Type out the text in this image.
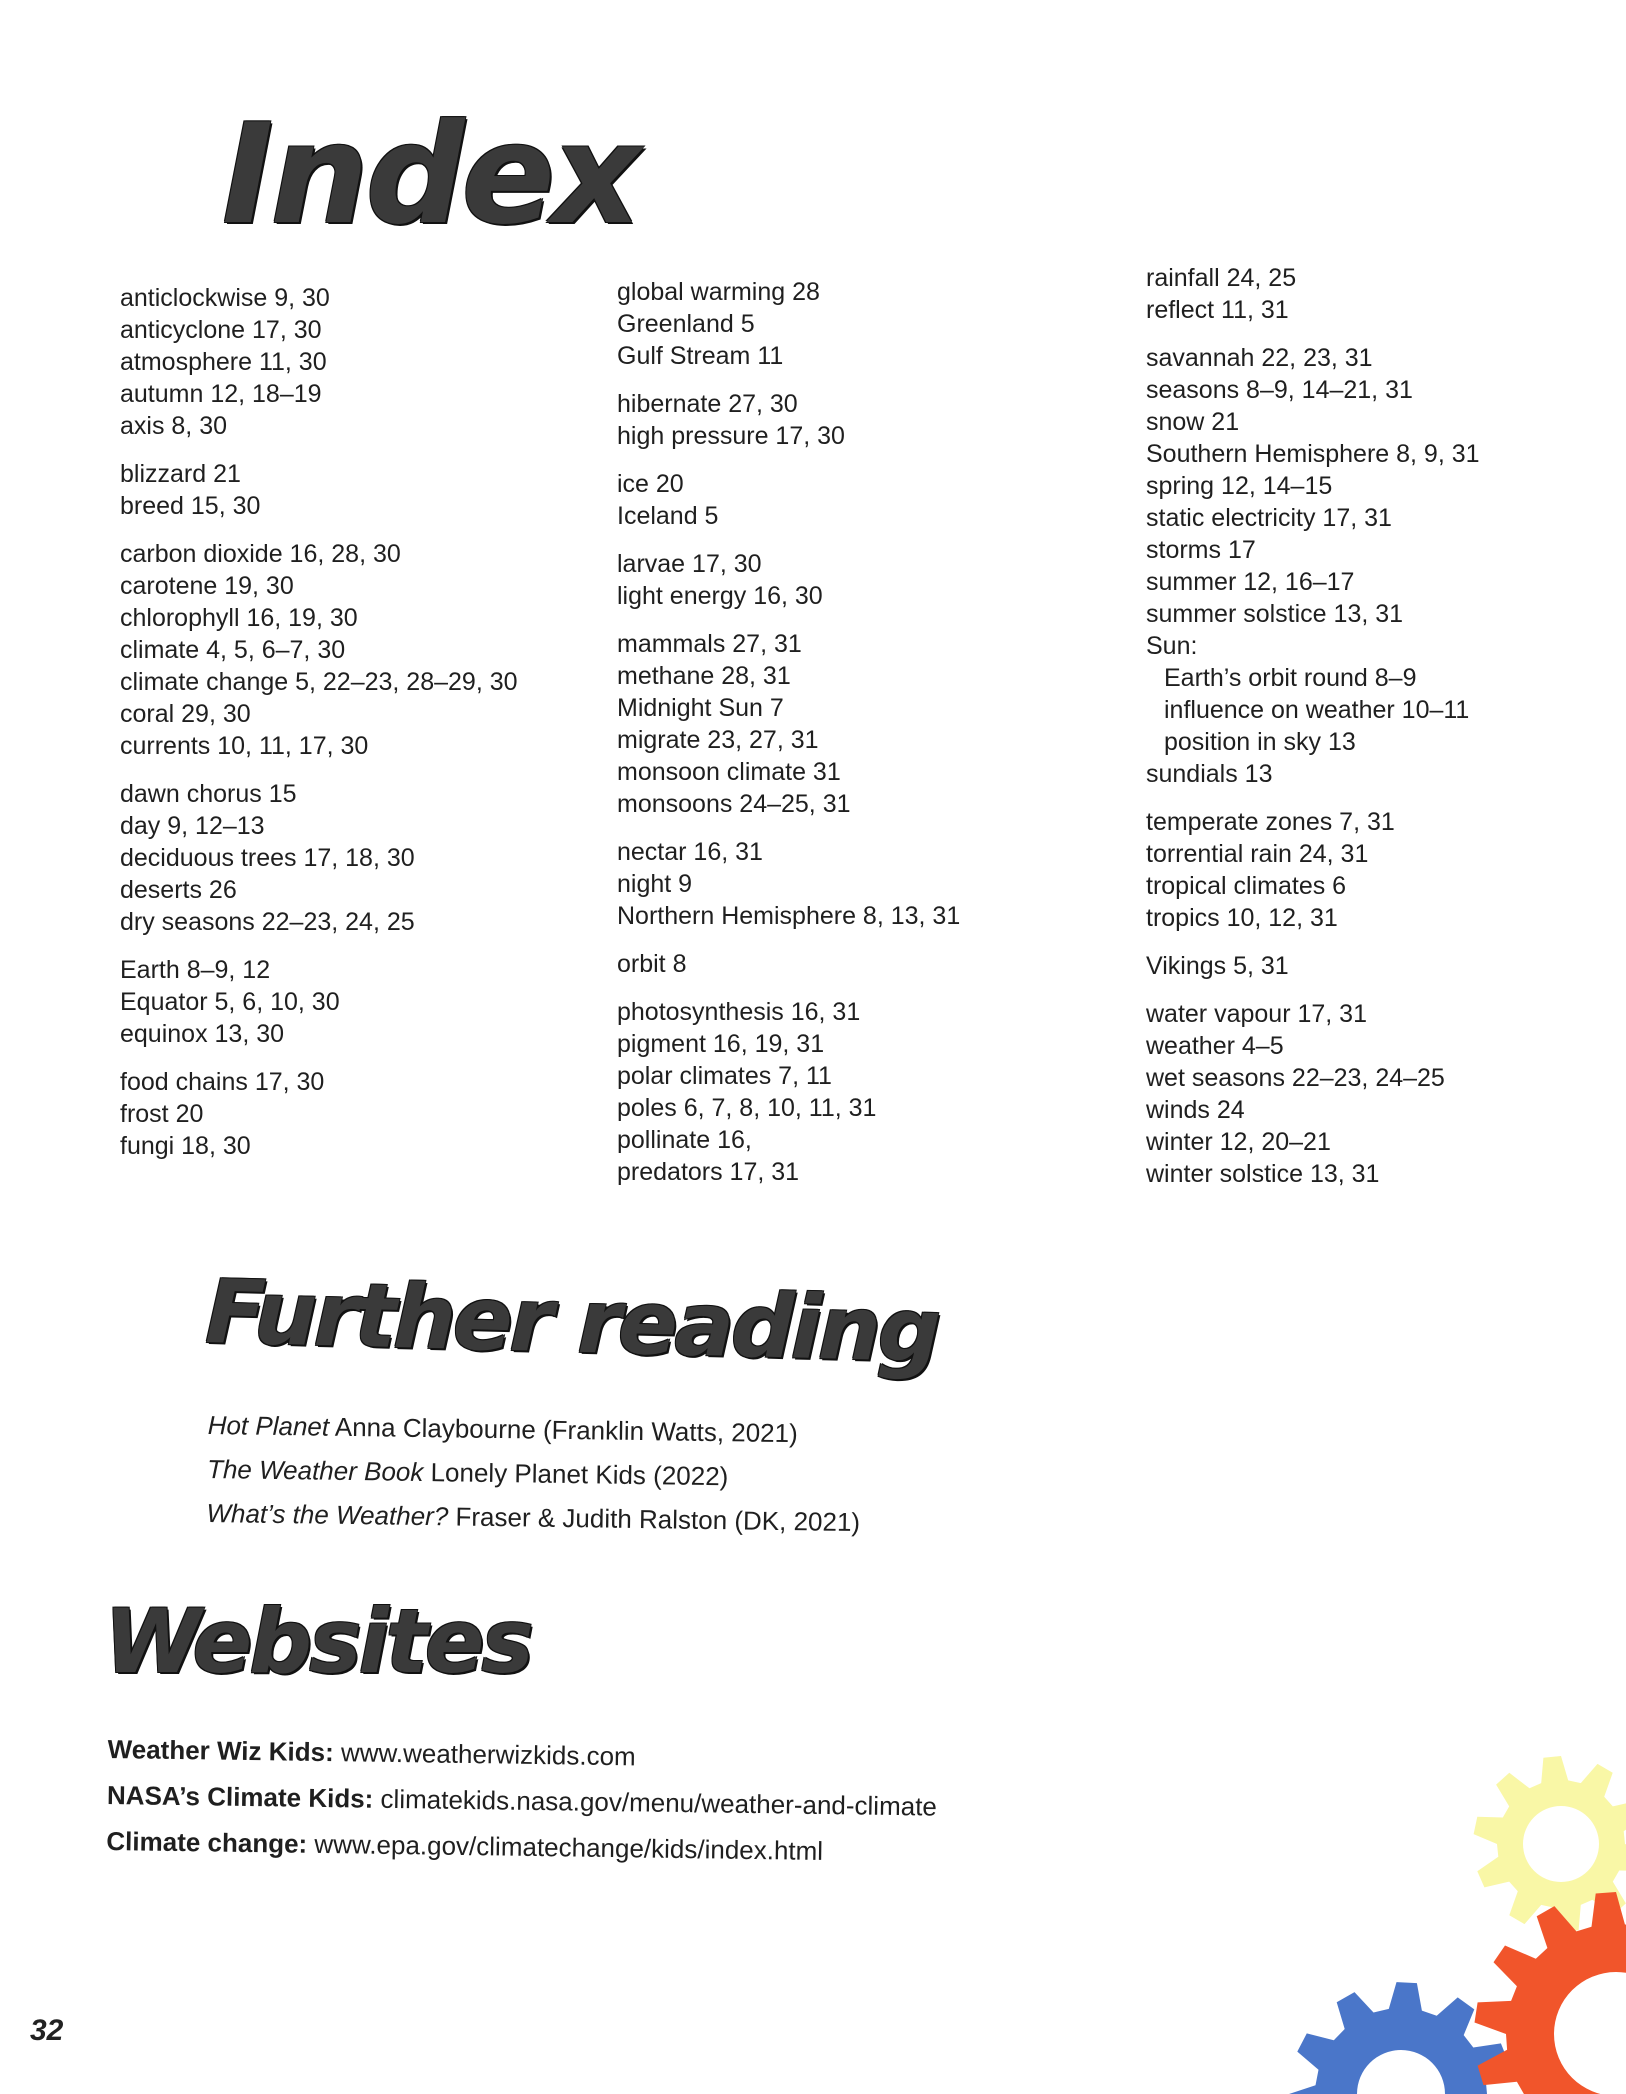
Index
anticlockwise 9, 30
anticyclone 17, 30
atmosphere 11, 30
autumn 12, 18–19
axis 8, 30
blizzard 21
breed 15, 30
carbon dioxide 16, 28, 30
carotene 19, 30
chlorophyll 16, 19, 30
climate 4, 5, 6–7, 30
climate change 5, 22–23, 28–29, 30
coral 29, 30
currents 10, 11, 17, 30
dawn chorus 15
day 9, 12–13
deciduous trees 17, 18, 30
deserts 26
dry seasons 22–23, 24, 25
Earth 8–9, 12
Equator 5, 6, 10, 30
equinox 13, 30
food chains 17, 30
frost 20
fungi 18, 30
global warming 28
Greenland 5
Gulf Stream 11
hibernate 27, 30
high pressure 17, 30
ice 20
Iceland 5
larvae 17, 30
light energy 16, 30
mammals 27, 31
methane 28, 31
Midnight Sun 7
migrate 23, 27, 31
monsoon climate 31
monsoons 24–25, 31
nectar 16, 31
night 9
Northern Hemisphere 8, 13, 31
orbit 8
photosynthesis 16, 31
pigment 16, 19, 31
polar climates 7, 11
poles 6, 7, 8, 10, 11, 31
pollinate 16,
predators 17, 31
rainfall 24, 25
reflect 11, 31
savannah 22, 23, 31
seasons 8–9, 14–21, 31
snow 21
Southern Hemisphere 8, 9, 31
spring 12, 14–15
static electricity 17, 31
storms 17
summer 12, 16–17
summer solstice 13, 31
Sun:
Earth’s orbit round 8–9
influence on weather 10–11
position in sky 13
sundials 13
temperate zones 7, 31
torrential rain 24, 31
tropical climates 6
tropics 10, 12, 31
Vikings 5, 31
water vapour 17, 31
weather 4–5
wet seasons 22–23, 24–25
winds 24
winter 12, 20–21
winter solstice 13, 31
Further reading
Hot Planet Anna Claybourne (Franklin Watts, 2021)
The Weather Book Lonely Planet Kids (2022)
What’s the Weather? Fraser & Judith Ralston (DK, 2021)
Websites
Weather Wiz Kids: www.weatherwizkids.com
NASA’s Climate Kids: climatekids.nasa.gov/menu/weather-and-climate
Climate change: www.epa.gov/climatechange/kids/index.html
32
